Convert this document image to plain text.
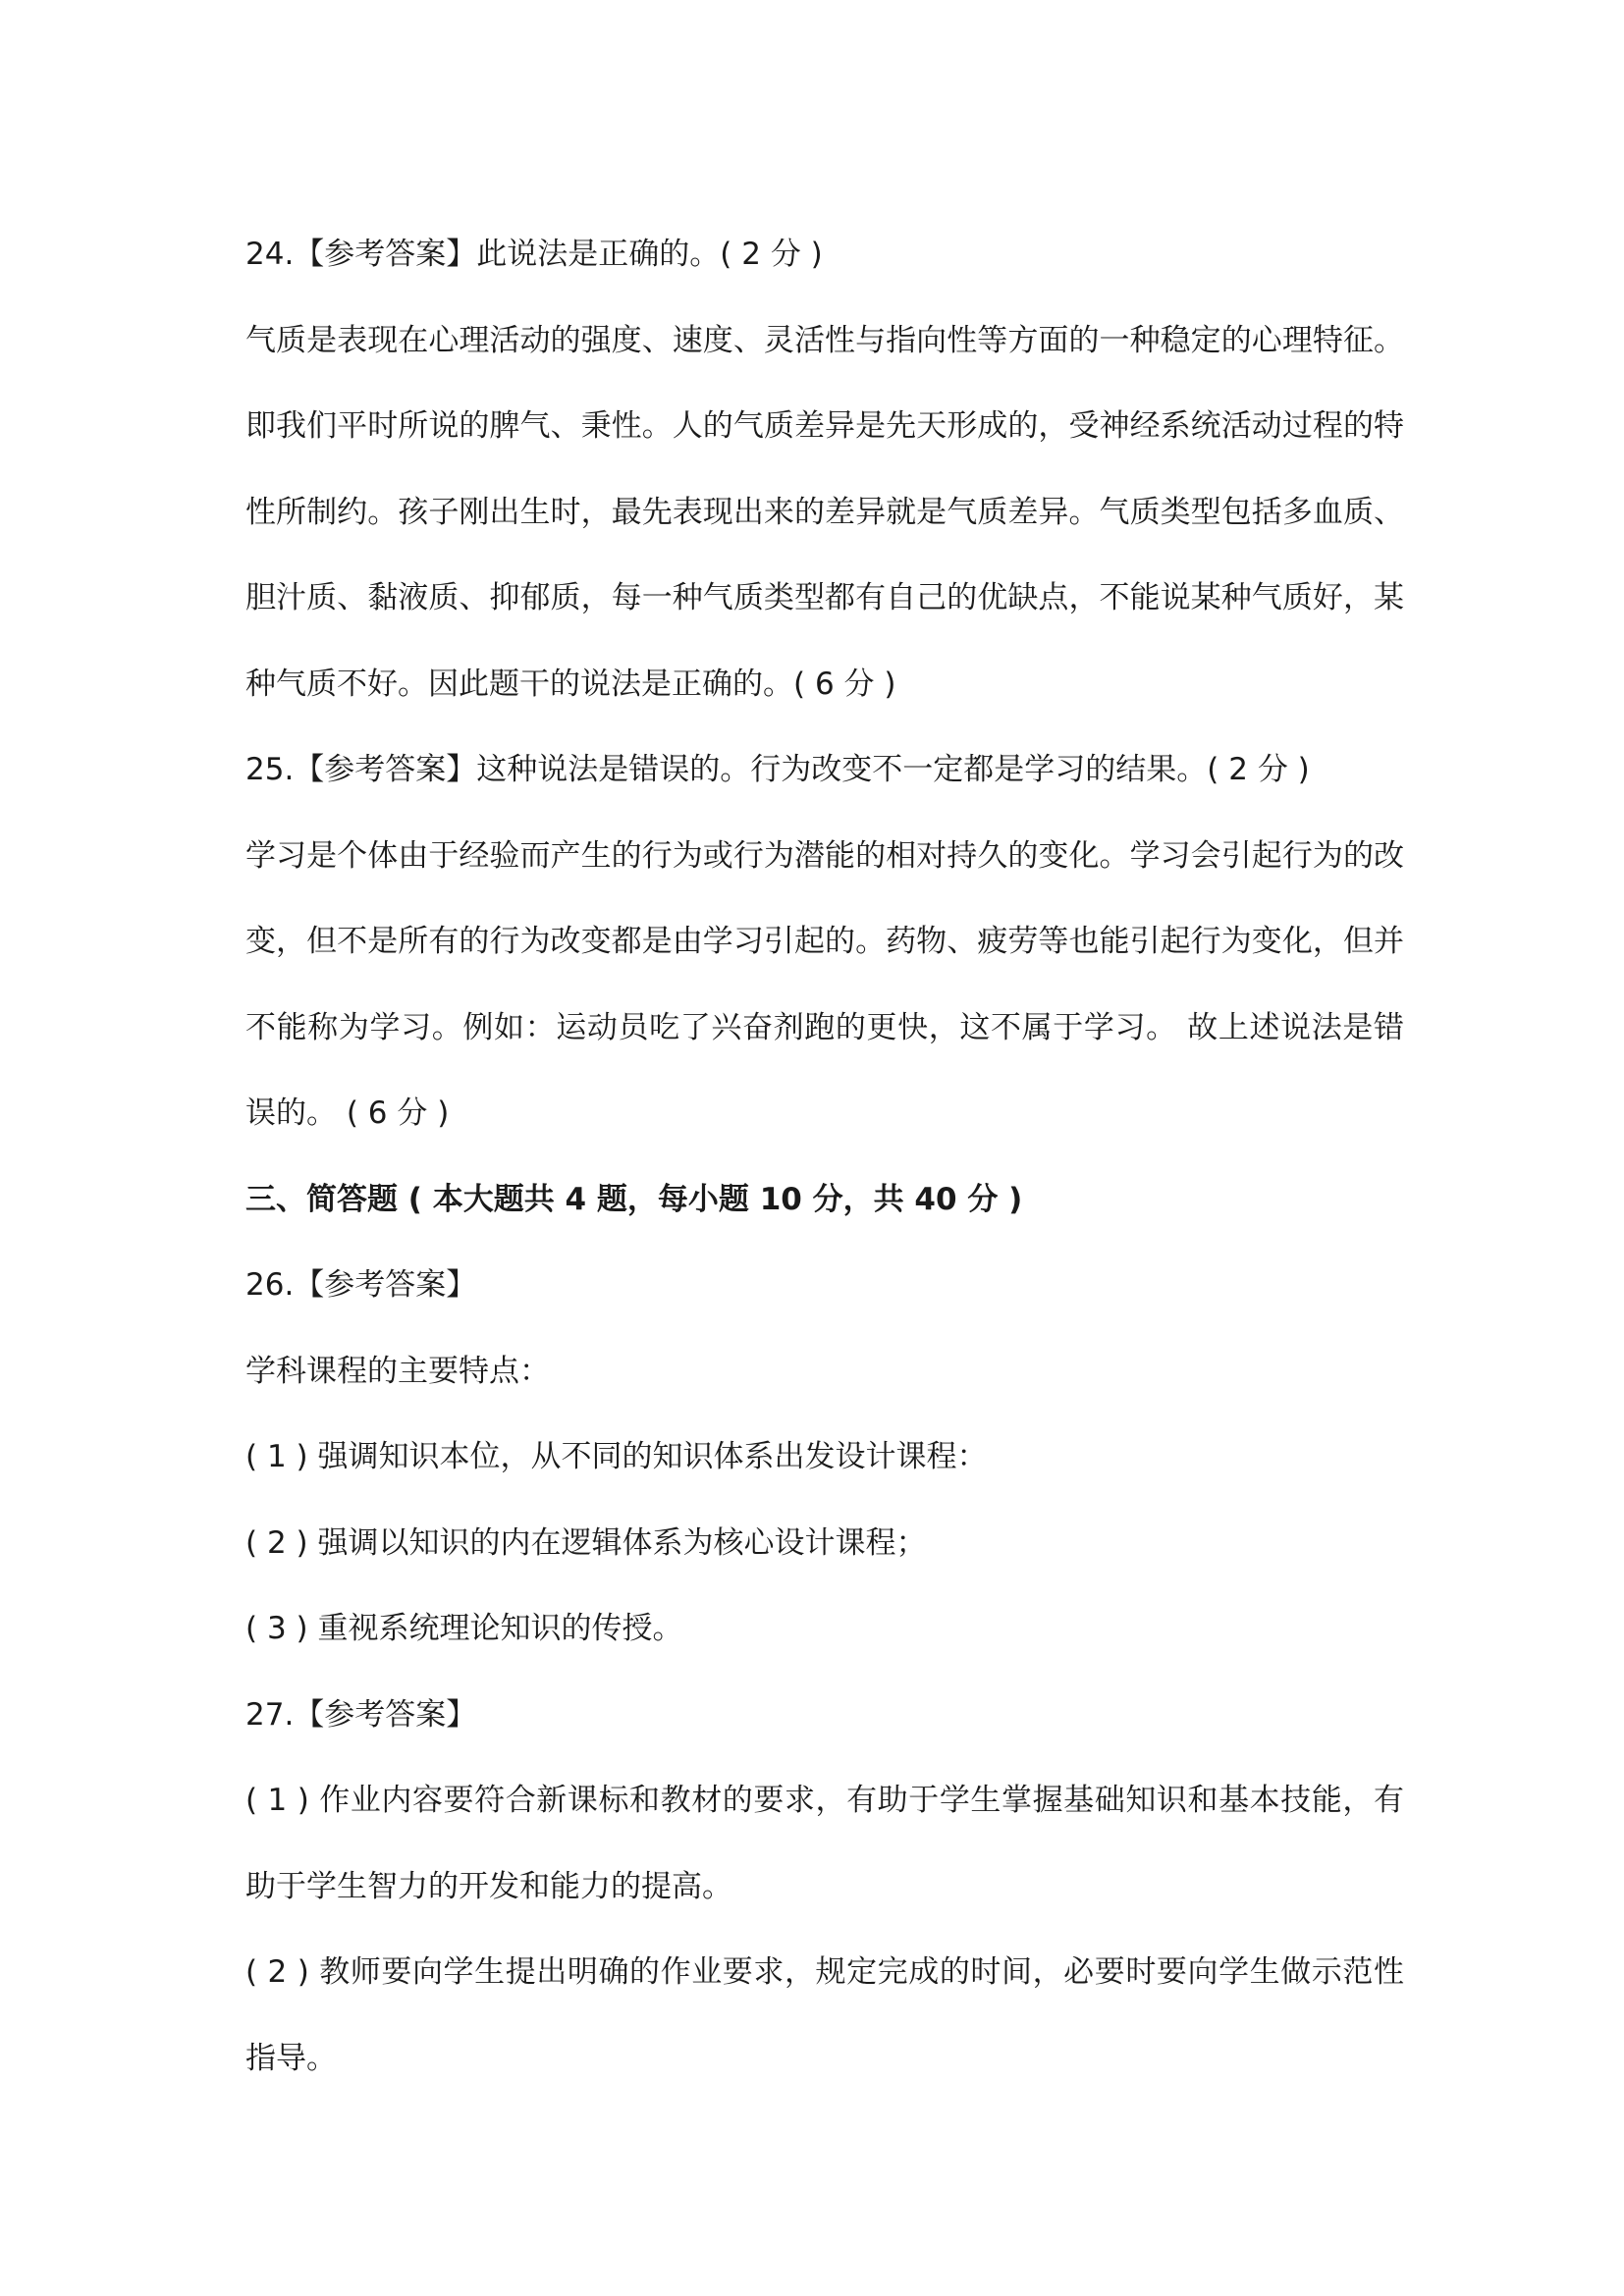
24.【参考答案】此说法是正确的。( 2 分 )
气质是表现在心理活动的强度、速度、灵活性与指向性等方面的一种稳定的心理特征。
即我们平时所说的脾气、秉性。人的气质差异是先天形成的，受神经系统活动过程的特
性所制约。孩子刚出生时，最先表现出来的差异就是气质差异。气质类型包括多血质、
胆汁质、黏液质、抑郁质，每一种气质类型都有自己的优缺点，不能说某种气质好，某
种气质不好。因此题干的说法是正确的。( 6 分 )
25.【参考答案】这种说法是错误的。行为改变不一定都是学习的结果。( 2 分 )
学习是个体由于经验而产生的行为或行为潜能的相对持久的变化。学习会引起行为的改
变，但不是所有的行为改变都是由学习引起的。药物、疲劳等也能引起行为变化，但并
不能称为学习。例如：运动员吃了兴奋剂跑的更快，这不属于学习。 故上述说法是错
误的。 ( 6 分 )
三、简答题 ( 本大题共 4 题，每小题 10 分，共 40 分 )
26.【参考答案】
学科课程的主要特点：
( 1 ) 强调知识本位，从不同的知识体系出发设计课程：
( 2 ) 强调以知识的内在逻辑体系为核心设计课程；
( 3 ) 重视系统理论知识的传授。
27.【参考答案】
( 1 ) 作业内容要符合新课标和教材的要求，有助于学生掌握基础知识和基本技能，有
助于学生智力的开发和能力的提高。
( 2 ) 教师要向学生提出明确的作业要求，规定完成的时间，必要时要向学生做示范性
指导。
